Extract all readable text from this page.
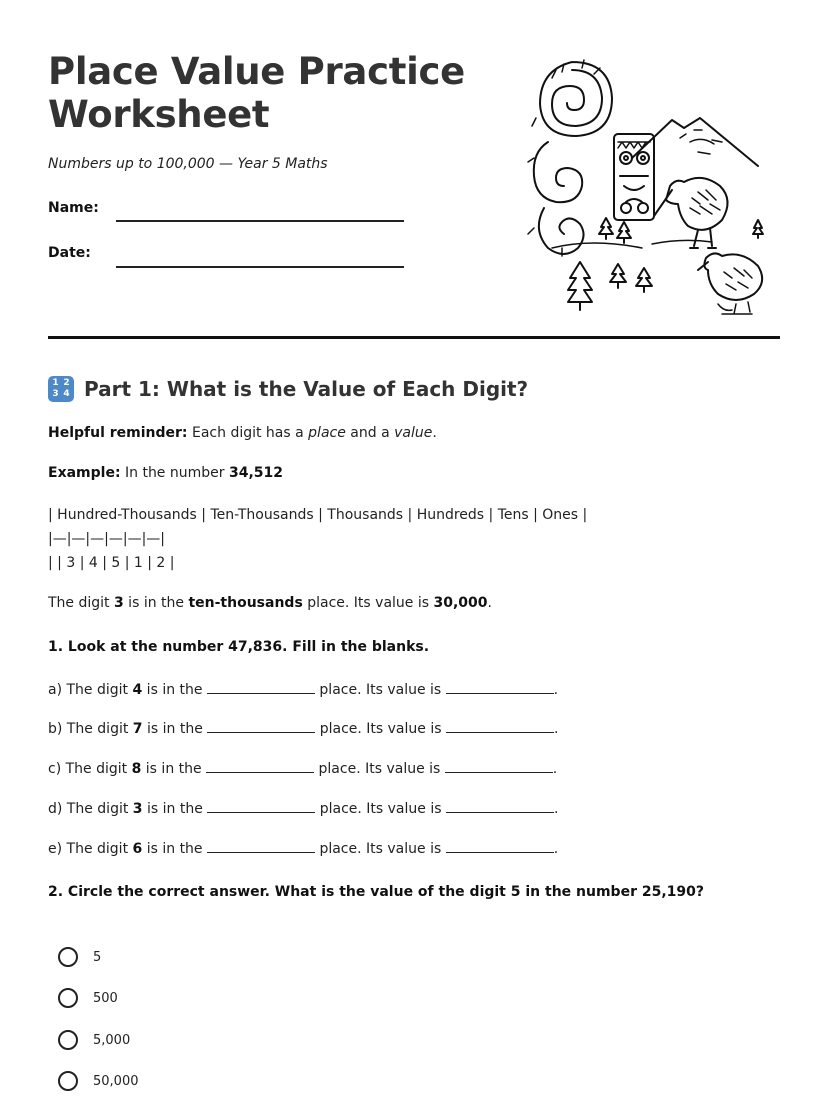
Place Value Practice Worksheet
Numbers up to 100,000 — Year 5 Maths
Name:
Date:
1 2
3 4 Part 1: What is the Value of Each Digit?
Helpful reminder: Each digit has a place and a value.
Example: In the number 34,512
| Hundred-Thousands | Ten-Thousands | Thousands | Hundreds | Tens | Ones |
|—|—|—|—|—|—|
| | 3 | 4 | 5 | 1 | 2 |
The digit 3 is in the ten-thousands place. Its value is 30,000.
1. Look at the number 47,836. Fill in the blanks.
a) The digit 4 is in the	place. Its value is	.
b) The digit 7 is in the	place. Its value is	.
c) The digit 8 is in the	place. Its value is	.
d) The digit 3 is in the	place. Its value is	.
e) The digit 6 is in the	place. Its value is	.
2. Circle the correct answer. What is the value of the digit 5 in the number 25,190?
5
500
5,000
50,000
